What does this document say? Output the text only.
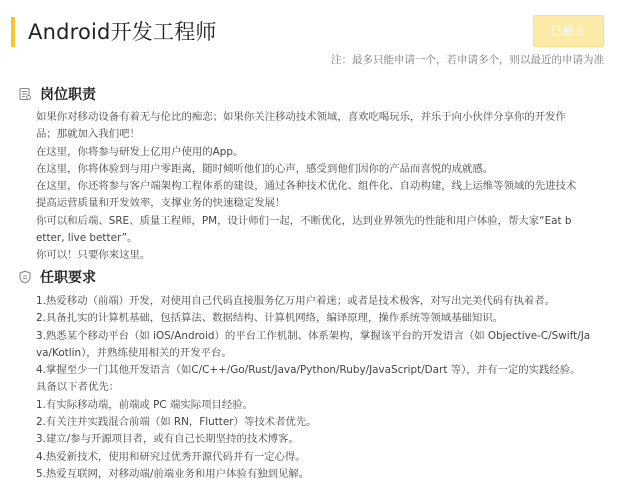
Android开发工程师	已截止
注：最多只能申请一个，若申请多个，则以最近的申请为准
岗位职责

如果你对移动设备有着无与伦比的痴恋；如果你关注移动技术领域，喜欢吃喝玩乐，并乐于向小伙伴分享你的开发作

品；那就加入我们吧！

在这里，你将参与研发上亿用户使用的App。

在这里，你将体验到与用户零距离，随时倾听他们的心声，感受到他们因你的产品而喜悦的成就感。

在这里，你还将参与客户端架构工程体系的建设，通过各种技术优化、组件化、自动构建，线上运维等领域的先进技术

提高运营质量和开发效率，支撑业务的快速稳定发展！

你可以和后端、SRE、质量工程师，PM，设计师们一起，不断优化，达到业界领先的性能和用户体验，帮大家“Eat b

etter, live better”。

你可以！只要你来这里。

任职要求

1.热爱移动（前端）开发，对使用自己代码直接服务亿万用户着迷；或者是技术极客，对写出完美代码有执着者。

2.具备扎实的计算机基础，包括算法、数据结构、计算机网络，编译原理，操作系统等领域基础知识。

3.熟悉某个移动平台（如 iOS/Android）的平台工作机制、体系架构，掌握该平台的开发语言（如 Objective-C/Swift/Ja

va/Kotlin），并熟练使用相关的开发平台。

4.掌握至少一门其他开发语言（如C/C++/Go/Rust/Java/Python/Ruby/JavaScript/Dart 等），并有一定的实践经验。

具备以下者优先：

1.有实际移动端，前端或 PC 端实际项目经验。

2.有关注并实践混合前端（如 RN，Flutter）等技术者优先。

3.建立/参与开源项目者，或有自己长期坚持的技术博客。

4.热爱新技术，使用和研究过优秀开源代码并有一定心得。

5.热爱互联网，对移动端/前端业务和用户体验有独到见解。
